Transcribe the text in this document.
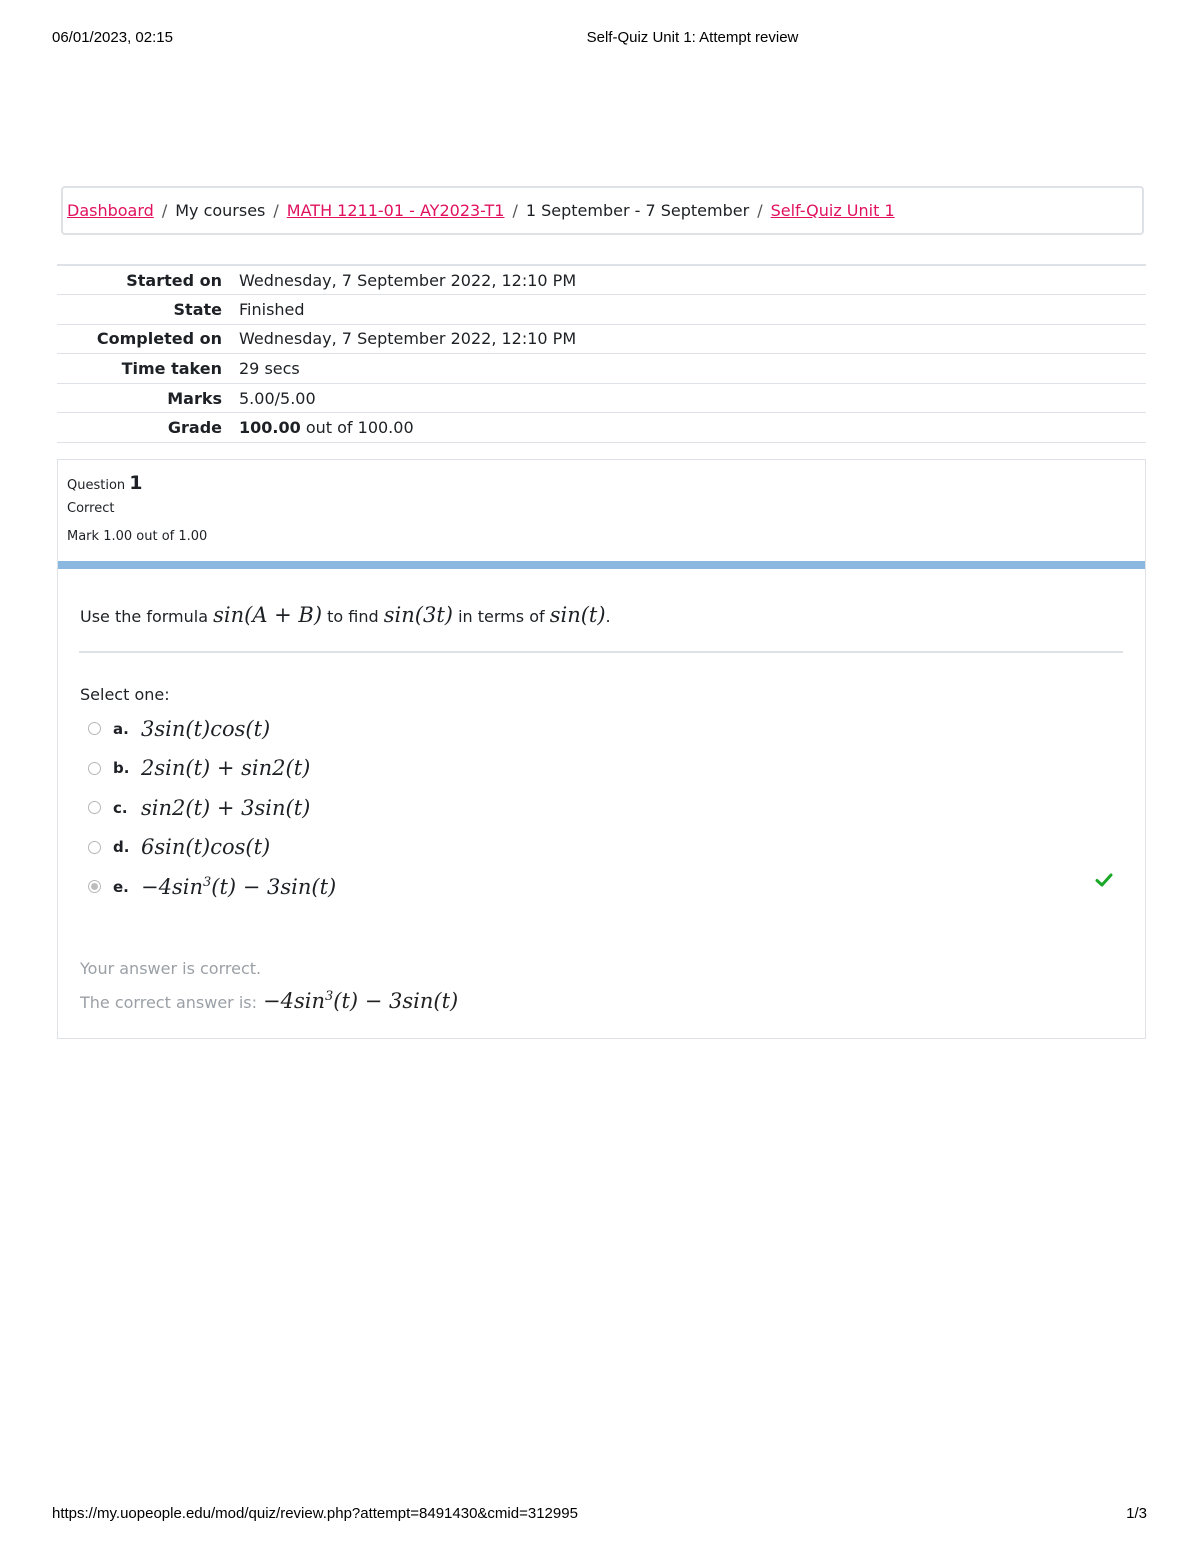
06/01/2023, 02:15	Self-Quiz Unit 1: Attempt review
Dashboard / My courses / MATH 1211-01 - AY2023-T1 / 1 September - 7 September / Self-Quiz Unit 1
Started on	Wednesday, 7 September 2022, 12:10 PM
State	Finished
Completed on	Wednesday, 7 September 2022, 12:10 PM
Time taken	29 secs
Marks	5.00/5.00
Grade	100.00 out of 100.00
Question 1
Correct
Mark 1.00 out of 1.00
Use the formula sin(A + B) to find sin(3t) in terms of sin(t).
Select one:
a. 3sin(t)cos(t)
b. 2sin(t) + sin2(t)
c. sin2(t) + 3sin(t)
d. 6sin(t)cos(t)
e. $-4\sin^3(t) - 3\sin(t)$
Your answer is correct.
The correct answer is: $-4\sin^3(t) - 3\sin(t)$
https://my.uopeople.edu/mod/quiz/review.php?attempt=8491430&cmid=312995	1/3
